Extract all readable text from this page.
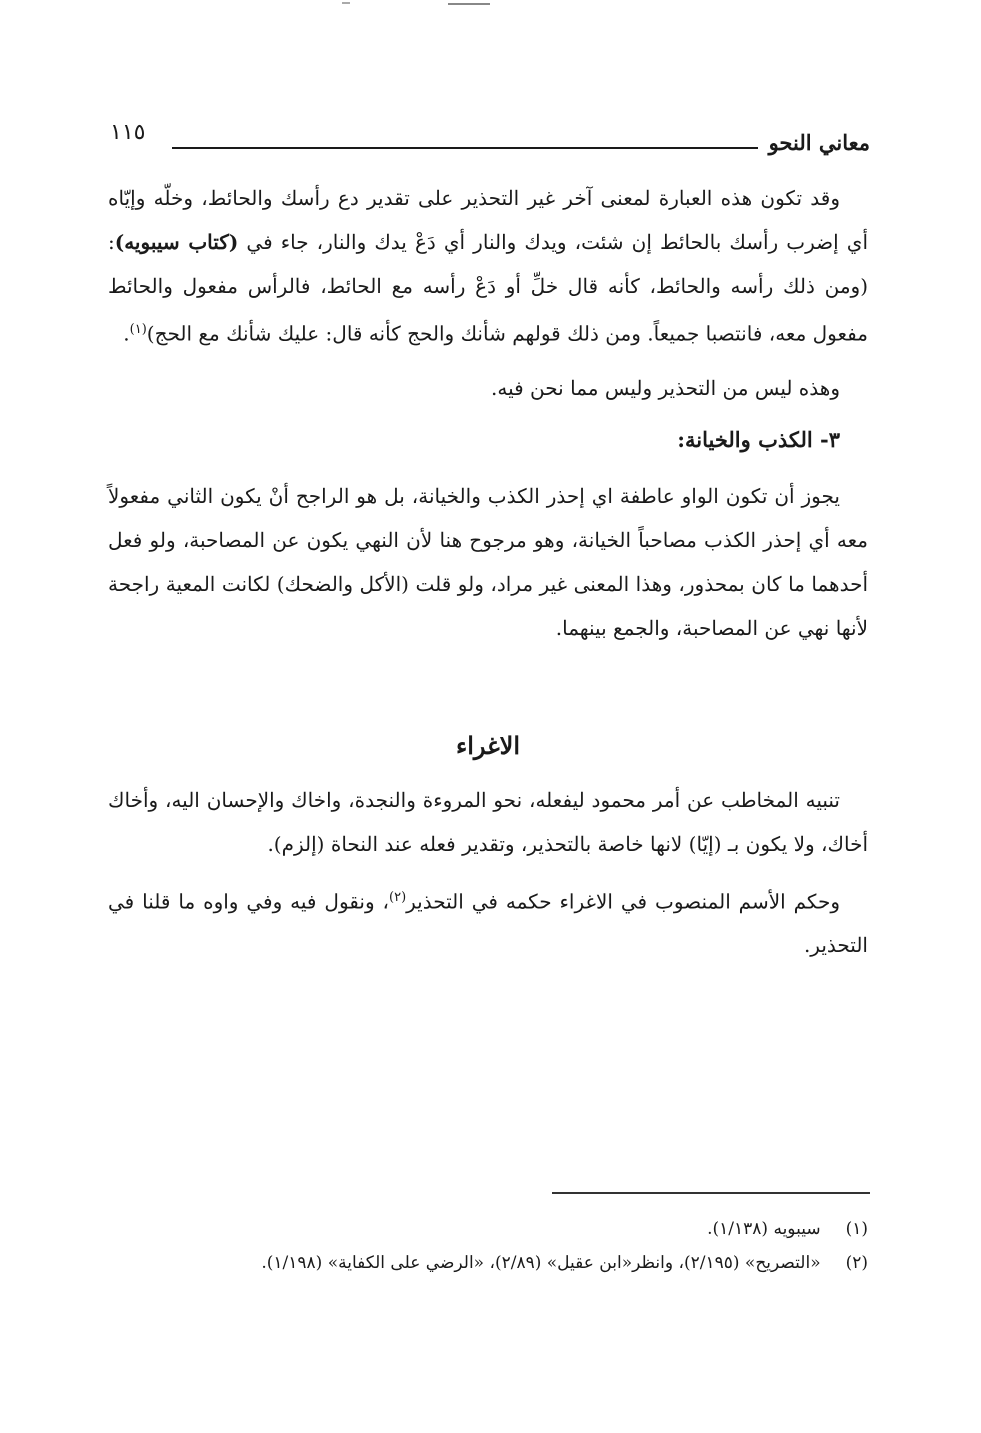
معاني النحو
١١٥

وقد تكون هذه العبارة لمعنى آخر غير التحذير على تقدير دع رأسك والحائط، وخلّه وإيّاه أي إضرب رأسك بالحائط إن شئت، ويدك والنار أي دَعْ يدك والنار، جاء في (كتاب سيبويه): (ومن ذلك رأسه والحائط، كأنه قال خلِّ أو دَعْ رأسه مع الحائط، فالرأس مفعول والحائط مفعول معه، فانتصبا جميعاً. ومن ذلك قولهم شأنك والحج كأنه قال: عليك شأنك مع الحج)$^{(١)}$.

وهذه ليس من التحذير وليس مما نحن فيه.

٣- الكذب والخيانة:

يجوز أن تكون الواو عاطفة اي إحذر الكذب والخيانة، بل هو الراجح أنْ يكون الثاني مفعولاً معه أي إحذر الكذب مصاحباً الخيانة، وهو مرجوح هنا لأن النهي يكون عن المصاحبة، ولو فعل أحدهما ما كان بمحذور، وهذا المعنى غير مراد، ولو قلت (الأكل والضحك) لكانت المعية راجحة لأنها نهي عن المصاحبة، والجمع بينهما.

الاغراء

تنبيه المخاطب عن أمر محمود ليفعله، نحو المروءة والنجدة، واخاك والإحسان اليه، وأخاك أخاك، ولا يكون بـ (إيّا) لانها خاصة بالتحذير، وتقدير فعله عند النحاة (إلزم).

وحكم الأسم المنصوب في الاغراء حكمه في التحذير$^{(٢)}$، ونقول فيه وفي واوه ما قلنا في التحذير.

(١) سيبويه (١/١٣٨).
(٢) «التصريح» (٢/١٩٥)، وانظر«ابن عقيل» (٢/٨٩)، «الرضي على الكفاية» (١/١٩٨).
